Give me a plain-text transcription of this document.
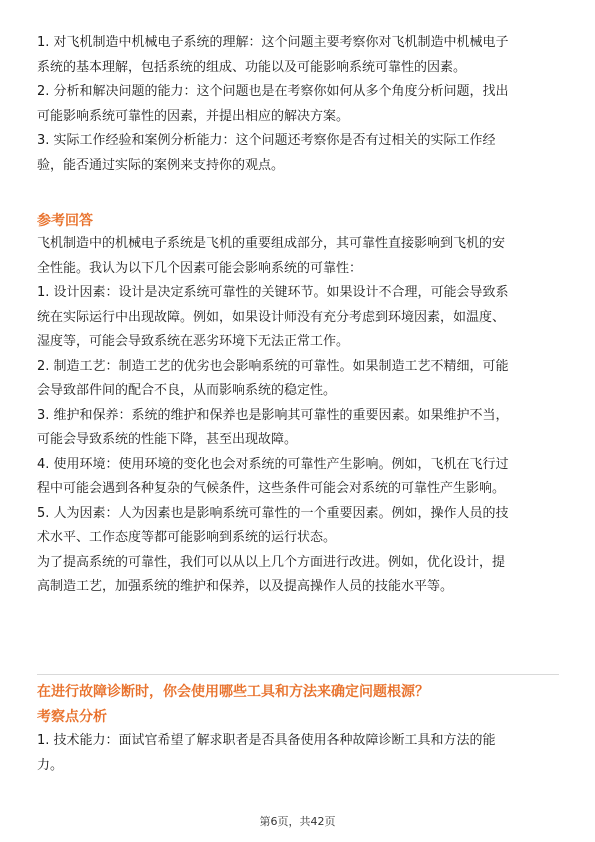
1. 对飞机制造中机械电子系统的理解：这个问题主要考察你对飞机制造中机械电子
系统的基本理解，包括系统的组成、功能以及可能影响系统可靠性的因素。

2. 分析和解决问题的能力：这个问题也是在考察你如何从多个角度分析问题，找出
可能影响系统可靠性的因素，并提出相应的解决方案。

3. 实际工作经验和案例分析能力：这个问题还考察你是否有过相关的实际工作经
验，能否通过实际的案例来支持你的观点。

参考回答

飞机制造中的机械电子系统是飞机的重要组成部分，其可靠性直接影响到飞机的安
全性能。我认为以下几个因素可能会影响系统的可靠性：

1. 设计因素：设计是决定系统可靠性的关键环节。如果设计不合理，可能会导致系
统在实际运行中出现故障。例如，如果设计师没有充分考虑到环境因素，如温度、
湿度等，可能会导致系统在恶劣环境下无法正常工作。

2. 制造工艺：制造工艺的优劣也会影响系统的可靠性。如果制造工艺不精细，可能
会导致部件间的配合不良，从而影响系统的稳定性。

3. 维护和保养：系统的维护和保养也是影响其可靠性的重要因素。如果维护不当，
可能会导致系统的性能下降，甚至出现故障。

4. 使用环境：使用环境的变化也会对系统的可靠性产生影响。例如，飞机在飞行过
程中可能会遇到各种复杂的气候条件，这些条件可能会对系统的可靠性产生影响。

5. 人为因素：人为因素也是影响系统可靠性的一个重要因素。例如，操作人员的技
术水平、工作态度等都可能影响到系统的运行状态。

为了提高系统的可靠性，我们可以从以上几个方面进行改进。例如，优化设计，提
高制造工艺，加强系统的维护和保养，以及提高操作人员的技能水平等。

在进行故障诊断时，你会使用哪些工具和方法来确定问题根源？

考察点分析

1. 技术能力：面试官希望了解求职者是否具备使用各种故障诊断工具和方法的能
力。

第6页，共42页
